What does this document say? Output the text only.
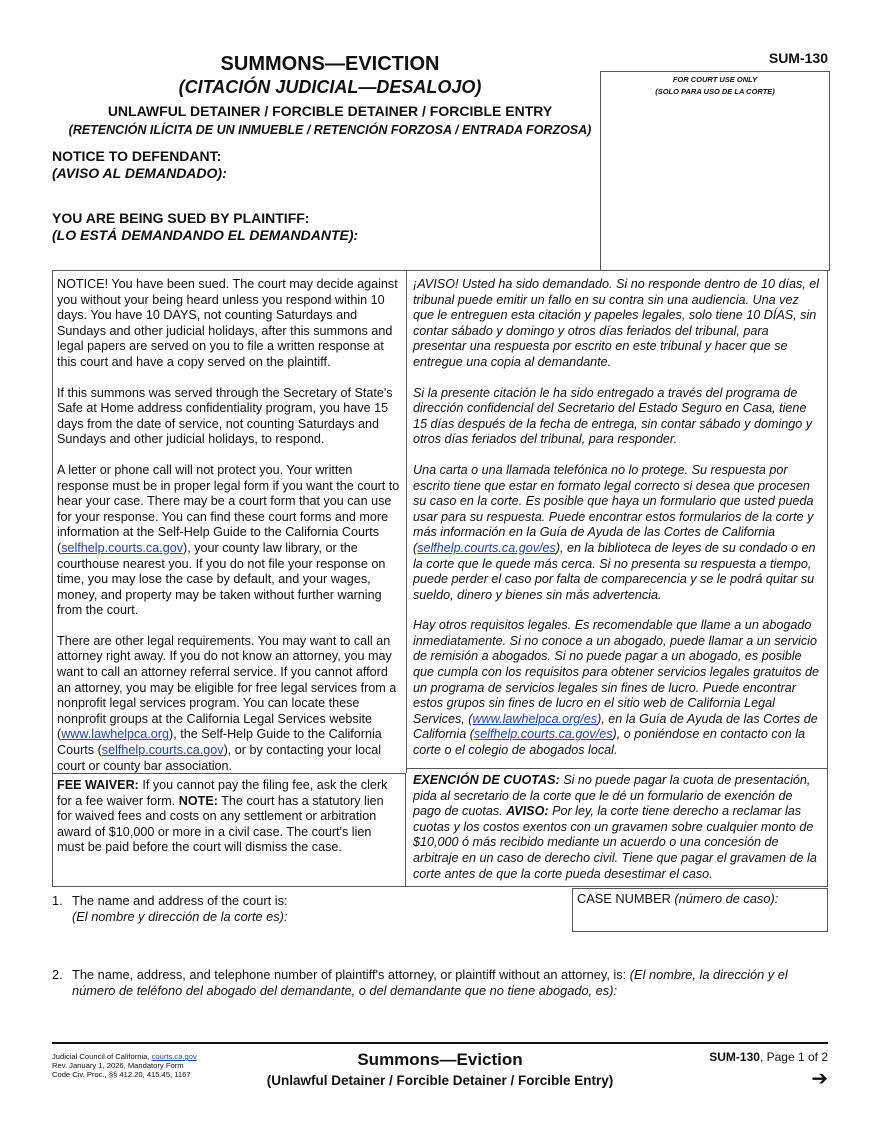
SUMMONS—EVICTION
(CITACIÓN JUDICIAL—DESALOJO)
UNLAWFUL DETAINER / FORCIBLE DETAINER / FORCIBLE ENTRY
(RETENCIÓN ILÍCITA DE UN INMUEBLE / RETENCIÓN FORZOSA / ENTRADA FORZOSA)
SUM-130
FOR COURT USE ONLY
(SOLO PARA USO DE LA CORTE)
NOTICE TO DEFENDANT:
(AVISO AL DEMANDADO):
YOU ARE BEING SUED BY PLAINTIFF:
(LO ESTÁ DEMANDANDO EL DEMANDANTE):

NOTICE! You have been sued. The court may decide against you without your being heard unless you respond within 10 days. You have 10 DAYS, not counting Saturdays and Sundays and other judicial holidays, after this summons and legal papers are served on you to file a written response at this court and have a copy served on the plaintiff.

If this summons was served through the Secretary of State's Safe at Home address confidentiality program, you have 15 days from the date of service, not counting Saturdays and Sundays and other judicial holidays, to respond.

A letter or phone call will not protect you. Your written response must be in proper legal form if you want the court to hear your case. There may be a court form that you can use for your response. You can find these court forms and more information at the Self-Help Guide to the California Courts (selfhelp.courts.ca.gov), your county law library, or the courthouse nearest you. If you do not file your response on time, you may lose the case by default, and your wages, money, and property may be taken without further warning from the court.

There are other legal requirements. You may want to call an attorney right away. If you do not know an attorney, you may want to call an attorney referral service. If you cannot afford an attorney, you may be eligible for free legal services from a nonprofit legal services program. You can locate these nonprofit groups at the California Legal Services website (www.lawhelpca.org), the Self-Help Guide to the California Courts (selfhelp.courts.ca.gov), or by contacting your local court or county bar association.

¡AVISO! Usted ha sido demandado. Si no responde dentro de 10 días, el tribunal puede emitir un fallo en su contra sin una audiencia. Una vez que le entreguen esta citación y papeles legales, solo tiene 10 DÍAS, sin contar sábado y domingo y otros días feriados del tribunal, para presentar una respuesta por escrito en este tribunal y hacer que se entregue una copia al demandante.

Si la presente citación le ha sido entregado a través del programa de dirección confidencial del Secretario del Estado Seguro en Casa, tiene 15 días después de la fecha de entrega, sin contar sábado y domingo y otros días feriados del tribunal, para responder.

Una carta o una llamada telefónica no lo protege. Su respuesta por escrito tiene que estar en formato legal correcto si desea que procesen su caso en la corte. Es posible que haya un formulario que usted pueda usar para su respuesta. Puede encontrar estos formularios de la corte y más información en la Guía de Ayuda de las Cortes de California (selfhelp.courts.ca.gov/es), en la biblioteca de leyes de su condado o en la corte que le quede más cerca. Si no presenta su respuesta a tiempo, puede perder el caso por falta de comparecencia y se le podrá quitar su sueldo, dinero y bienes sin más advertencia.

Hay otros requisitos legales. Es recomendable que llame a un abogado inmediatamente. Si no conoce a un abogado, puede llamar a un servicio de remisión a abogados. Si no puede pagar a un abogado, es posible que cumpla con los requisitos para obtener servicios legales gratuitos de un programa de servicios legales sin fines de lucro. Puede encontrar estos grupos sin fines de lucro en el sitio web de California Legal Services, (www.lawhelpca.org/es), en la Guía de Ayuda de las Cortes de California (selfhelp.courts.ca.gov/es), o poniéndose en contacto con la corte o el colegio de abogados local.

FEE WAIVER: If you cannot pay the filing fee, ask the clerk for a fee waiver form. NOTE: The court has a statutory lien for waived fees and costs on any settlement or arbitration award of $10,000 or more in a civil case. The court's lien must be paid before the court will dismiss the case.
EXENCIÓN DE CUOTAS: Si no puede pagar la cuota de presentación, pida al secretario de la corte que le dé un formulario de exención de pago de cuotas. AVISO: Por ley, la corte tiene derecho a reclamar las cuotas y los costos exentos con un gravamen sobre cualquier monto de $10,000 ó más recibido mediante un acuerdo o una concesión de arbitraje en un caso de derecho civil. Tiene que pagar el gravamen de la corte antes de que la corte pueda desestimar el caso.
1. The name and address of the court is:
(El nombre y dirección de la corte es):
CASE NUMBER (número de caso):
2. The name, address, and telephone number of plaintiff's attorney, or plaintiff without an attorney, is: (El nombre, la dirección y el
número de teléfono del abogado del demandante, o del demandante que no tiene abogado, es):
Judicial Council of California, courts.ca.gov
Rev. January 1, 2026, Mandatory Form
Code Civ. Proc., §§ 412.20, 415.45, 1167
Summons—Eviction
(Unlawful Detainer / Forcible Detainer / Forcible Entry)
SUM-130, Page 1 of 2
➔
